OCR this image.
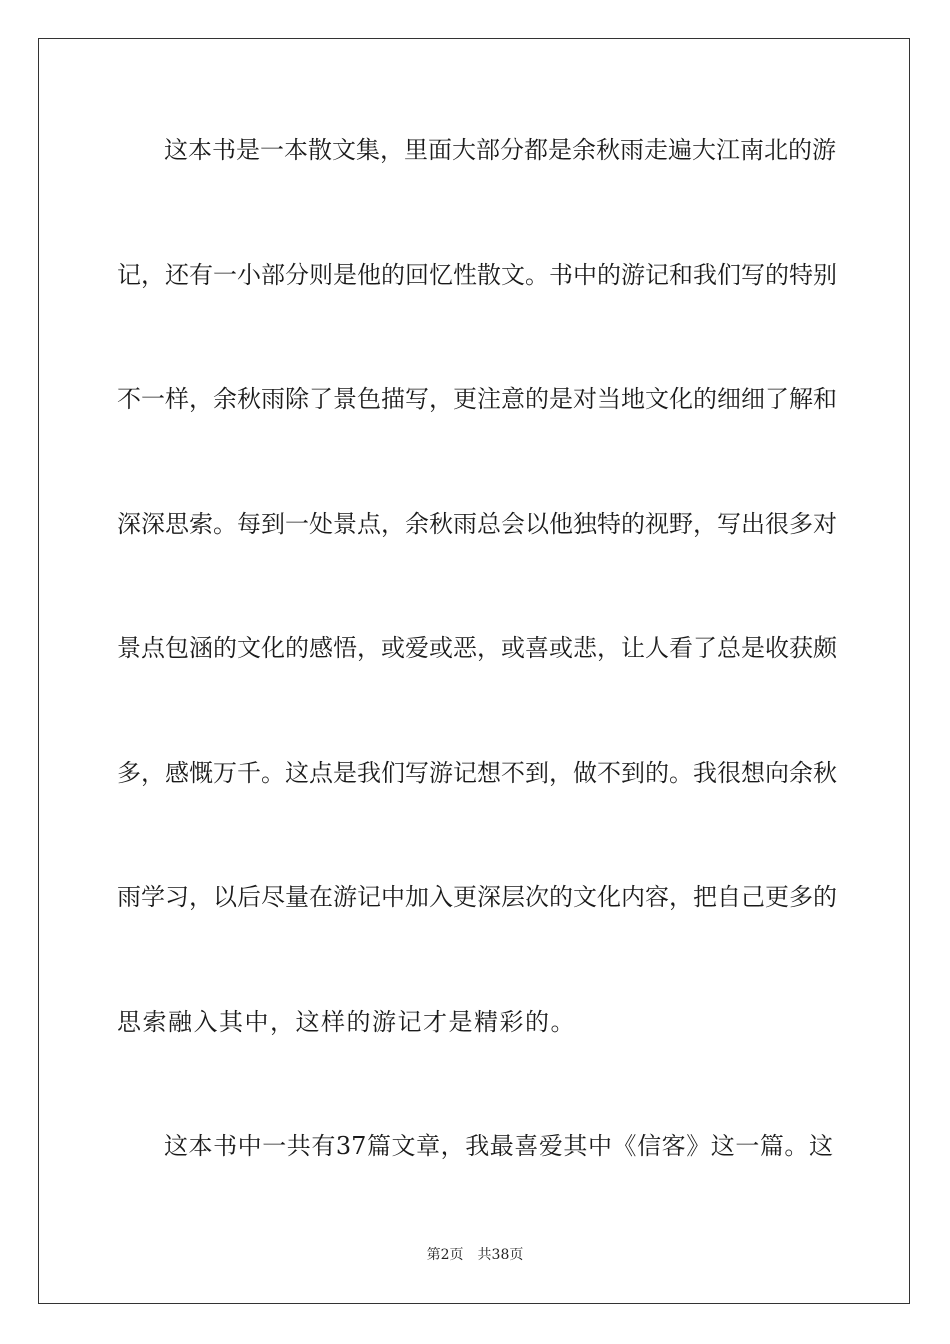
这本书是一本散文集，里面大部分都是余秋雨走遍大江南北的游
记，还有一小部分则是他的回忆性散文。书中的游记和我们写的特别
不一样，余秋雨除了景色描写，更注意的是对当地文化的细细了解和
深深思索。每到一处景点，余秋雨总会以他独特的视野，写出很多对
景点包涵的文化的感悟，或爱或恶，或喜或悲，让人看了总是收获颇
多，感慨万千。这点是我们写游记想不到，做不到的。我很想向余秋
雨学习，以后尽量在游记中加入更深层次的文化内容，把自己更多的
思索融入其中，这样的游记才是精彩的。
这本书中一共有37篇文章，我最喜爱其中《信客》这一篇。这
第2页 共38页
